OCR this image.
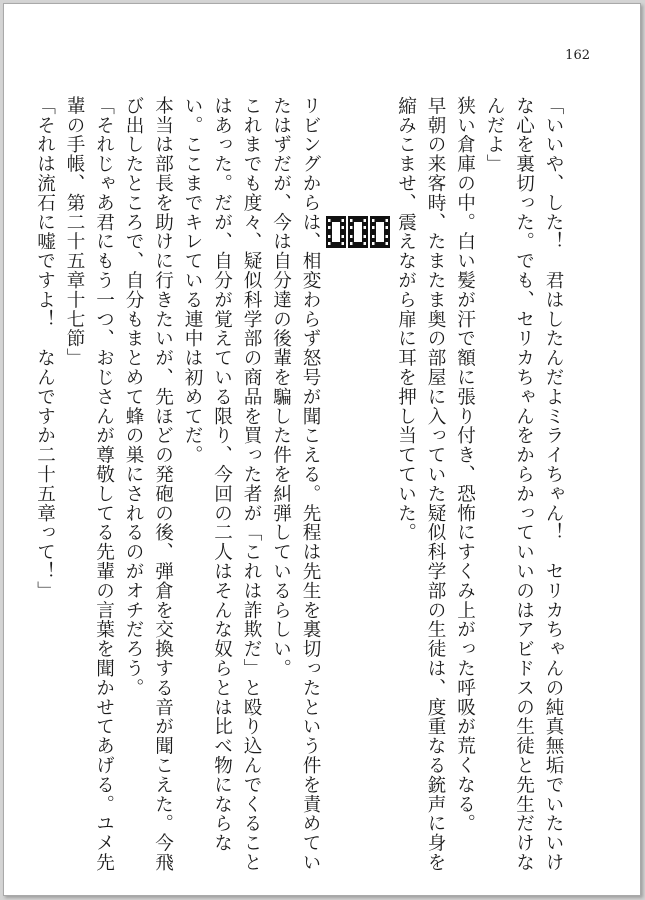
162

「いいや、した！　君はしたんだよミライちゃん！　セリカちゃんの純真無垢でいたいけな心を裏切った。でも、セリカちゃんをからかっていいのはアビドスの生徒と先生だけなんだよ」

狭い倉庫の中。白い髪が汗で額に張り付き、恐怖にすくみ上がった呼吸が荒くなる。

早朝の来客時、たまたま奥の部屋に入っていた疑似科学部の生徒は、度重なる銃声に身を縮みこませ、震えながら扉に耳を押し当てていた。

リビングからは、相変わらず怒号が聞こえる。先程は先生を裏切ったという件を責めていたはずだが、今は自分達の後輩を騙した件を糾弾しているらしい。

これまでも度々、疑似科学部の商品を買った者が「これは詐欺だ」と殴り込んでくることはあった。だが、自分が覚えている限り、今回の二人はそんな奴らとは比べ物にならない。ここまでキレている連中は初めてだ。

本当は部長を助けに行きたいが、先ほどの発砲の後、弾倉を交換する音が聞こえた。今飛び出したところで、自分もまとめて蜂の巣にされるのがオチだろう。

「それじゃあ君にもう一つ、おじさんが尊敬してる先輩の言葉を聞かせてあげる。ユメ先輩の手帳、第二十五章十七節」

「それは流石に嘘ですよ！　なんですか二十五章って！」
